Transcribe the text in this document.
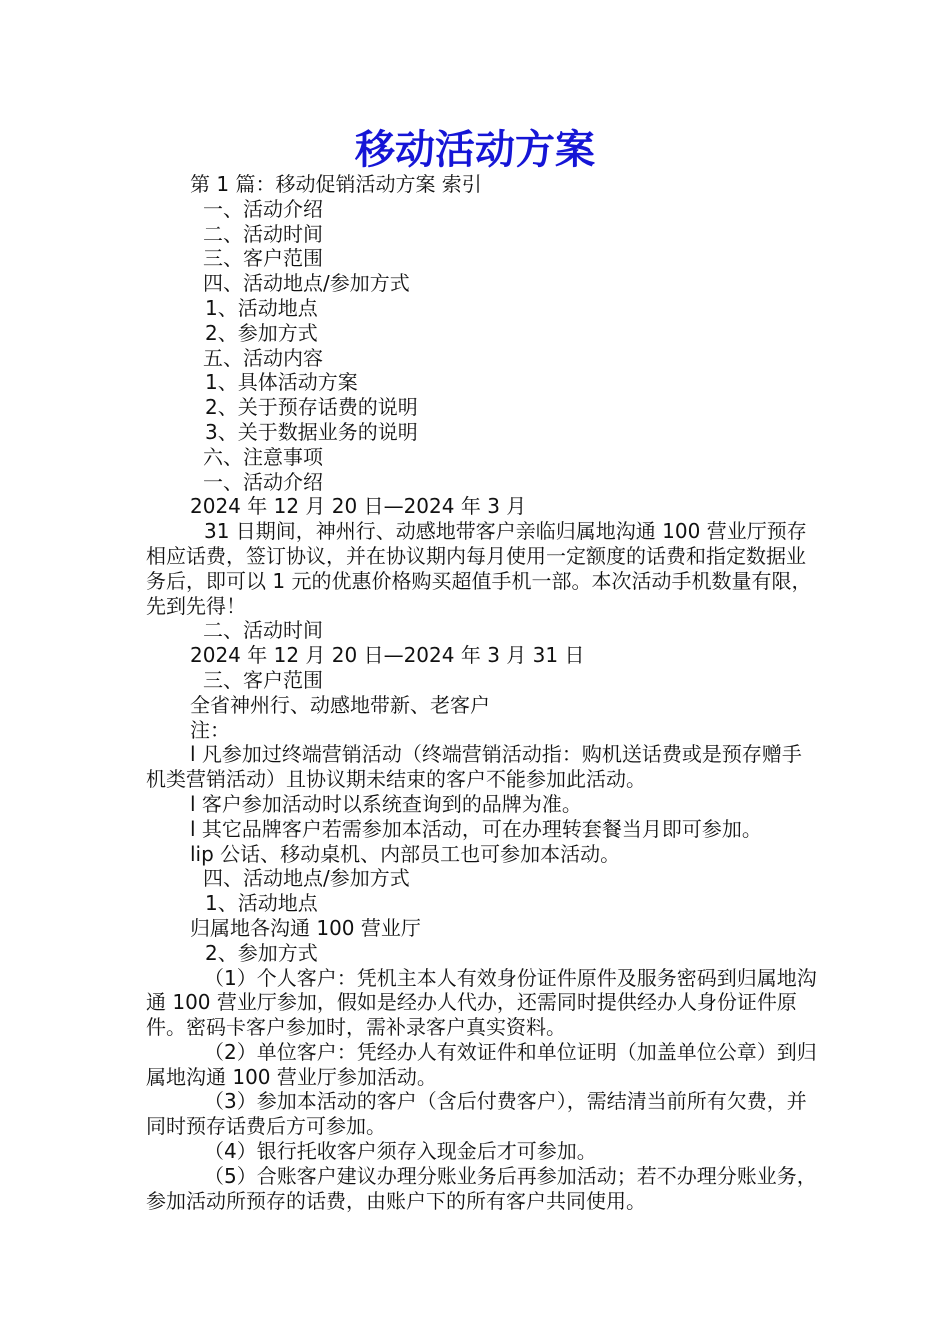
移动活动方案

第 1 篇：移动促销活动方案 索引

一、活动介绍

二、活动时间

三、客户范围

四、活动地点/参加方式

1、活动地点

2、参加方式

五、活动内容

1、具体活动方案

2、关于预存话费的说明

3、关于数据业务的说明

六、注意事项

一、活动介绍

2024 年 12 月 20 日—2024 年 3 月

31 日期间，神州行、动感地带客户亲临归属地沟通 100 营业厅预存相应话费，签订协议，并在协议期内每月使用一定额度的话费和指定数据业务后，即可以 1 元的优惠价格购买超值手机一部。本次活动手机数量有限，先到先得！

二、活动时间

2024 年 12 月 20 日—2024 年 3 月 31 日

三、客户范围

全省神州行、动感地带新、老客户

注：

l 凡参加过终端营销活动（终端营销活动指：购机送话费或是预存赠手机类营销活动）且协议期未结束的客户不能参加此活动。

l 客户参加活动时以系统查询到的品牌为准。

l 其它品牌客户若需参加本活动，可在办理转套餐当月即可参加。

lip 公话、移动桌机、内部员工也可参加本活动。

四、活动地点/参加方式

1、活动地点

归属地各沟通 100 营业厅

2、参加方式

（1）个人客户：凭机主本人有效身份证件原件及服务密码到归属地沟通 100 营业厅参加，假如是经办人代办，还需同时提供经办人身份证件原件。密码卡客户参加时，需补录客户真实资料。

（2）单位客户：凭经办人有效证件和单位证明（加盖单位公章）到归属地沟通 100 营业厅参加活动。

（3）参加本活动的客户（含后付费客户），需结清当前所有欠费，并同时预存话费后方可参加。

（4）银行托收客户须存入现金后才可参加。

（5）合账客户建议办理分账业务后再参加活动；若不办理分账业务，参加活动所预存的话费，由账户下的所有客户共同使用。
